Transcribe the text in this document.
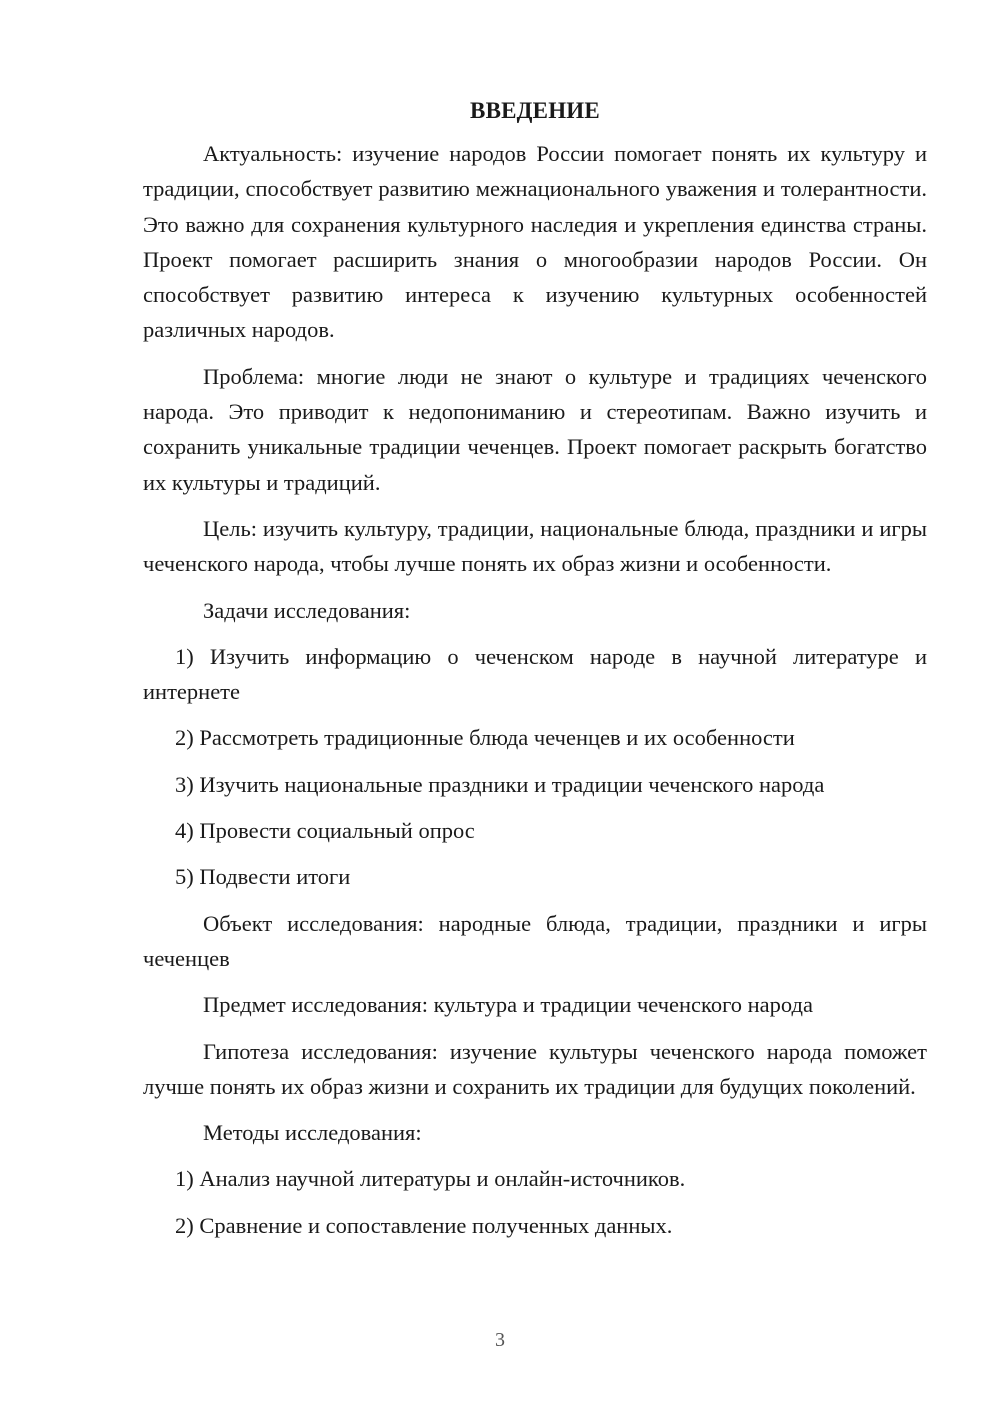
ВВЕДЕНИЕ

Актуальность: изучение народов России помогает понять их культуру и традиции, способствует развитию межнационального уважения и толерантности. Это важно для сохранения культурного наследия и укрепления единства страны. Проект помогает расширить знания о многообразии народов России. Он способствует развитию интереса к изучению культурных особенностей различных народов.

Проблема: многие люди не знают о культуре и традициях чеченского народа. Это приводит к недопониманию и стереотипам. Важно изучить и сохранить уникальные традиции чеченцев. Проект помогает раскрыть богатство их культуры и традиций.

Цель: изучить культуру, традиции, национальные блюда, праздники и игры чеченского народа, чтобы лучше понять их образ жизни и особенности.

Задачи исследования:

1) Изучить информацию о чеченском народе в научной литературе и интернете

2) Рассмотреть традиционные блюда чеченцев и их особенности

3) Изучить национальные праздники и традиции чеченского народа

4) Провести социальный опрос

5) Подвести итоги

Объект исследования: народные блюда, традиции, праздники и игры чеченцев

Предмет исследования: культура и традиции чеченского народа

Гипотеза исследования: изучение культуры чеченского народа поможет лучше понять их образ жизни и сохранить их традиции для будущих поколений.

Методы исследования:

1) Анализ научной литературы и онлайн-источников.

2) Сравнение и сопоставление полученных данных.

3
